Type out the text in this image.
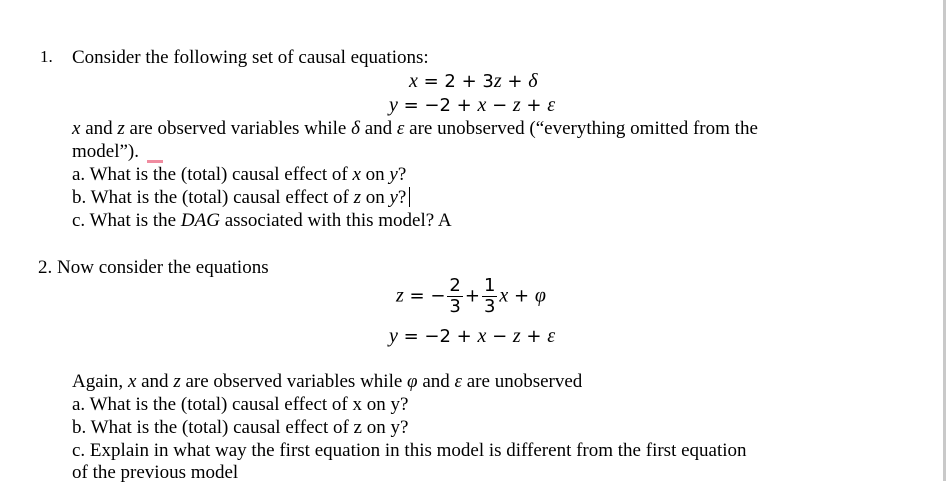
1. Consider the following set of causal equations:
x = 2 + 3z + δ
y = −2 + x − z + ε
x and z are observed variables while δ and ε are unobserved (“everything omitted from the
model”).
a. What is the (total) causal effect of x on y?
b. What is the (total) causal effect of z on y?
c. What is the DAG associated with this model? A
2. Now consider the equations
z = − $\frac{2}{3} + \frac{1}{3}$ x + φ
y = −2 + x − z + ε
Again, x and z are observed variables while φ and ε are unobserved
a. What is the (total) causal effect of x on y?
b. What is the (total) causal effect of z on y?
c. Explain in what way the first equation in this model is different from the first equation
of the previous model
